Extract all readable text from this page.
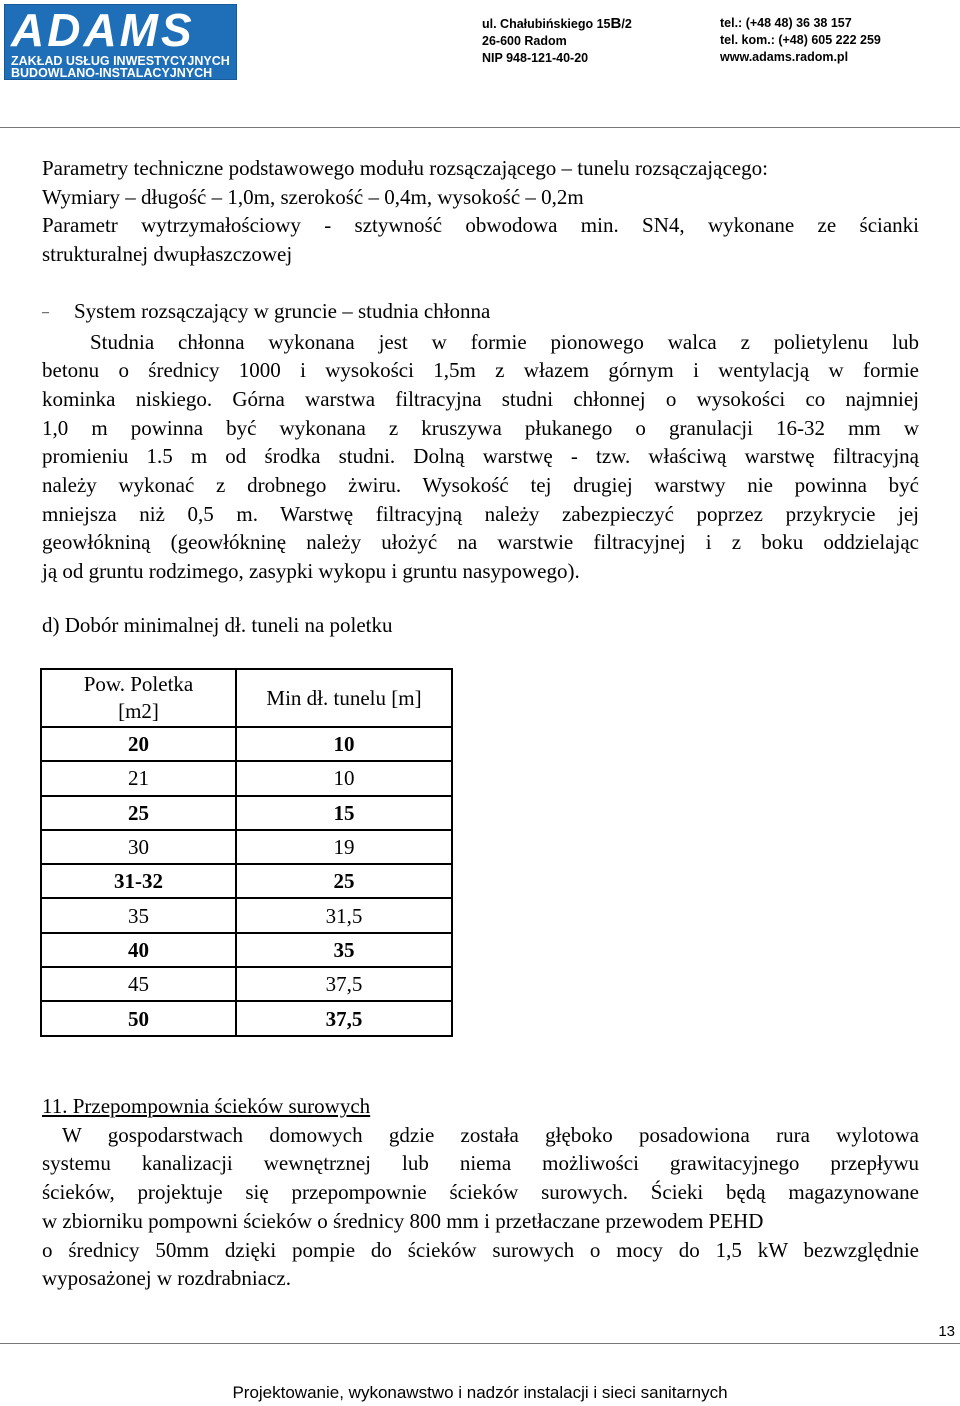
ADAMS
ZAKŁAD USŁUG INWESTYCYJNYCH
BUDOWLANO-INSTALACYJNYCH
ul. Chałubińskiego 15B/2
26-600 Radom
NIP 948-121-40-20
tel.: (+48 48) 36 38 157
tel. kom.: (+48) 605 222 259
www.adams.radom.pl
Parametry techniczne podstawowego modułu rozsączającego – tunelu rozsączającego:
Wymiary – długość – 1,0m, szerokość – 0,4m, wysokość – 0,2m
Parametr wytrzymałościowy - sztywność obwodowa min. SN4, wykonane ze ścianki
strukturalnej dwupłaszczowej
– System rozsączający w gruncie – studnia chłonna
Studnia chłonna wykonana jest w formie pionowego walca z polietylenu lub
betonu o średnicy 1000 i wysokości 1,5m z włazem górnym i wentylacją w formie
kominka niskiego. Górna warstwa filtracyjna studni chłonnej o wysokości co najmniej
1,0 m powinna być wykonana z kruszywa płukanego o granulacji 16-32 mm w
promieniu 1.5 m od środka studni. Dolną warstwę - tzw. właściwą warstwę filtracyjną
należy wykonać z drobnego żwiru. Wysokość tej drugiej warstwy nie powinna być
mniejsza niż 0,5 m. Warstwę filtracyjną należy zabezpieczyć poprzez przykrycie jej
geowłókniną (geowłókninę należy ułożyć na warstwie filtracyjnej i z boku oddzielając
ją od gruntu rodzimego, zasypki wykopu i gruntu nasypowego).
d) Dobór minimalnej dł. tuneli na poletku
Pow. Poletka
[m2]	Min dł. tunelu [m]
20	10
21	10
25	15
30	19
31-32	25
35	31,5
40	35
45	37,5
50	37,5
11. Przepompownia ścieków surowych
W gospodarstwach domowych gdzie została głęboko posadowiona rura wylotowa
systemu kanalizacji wewnętrznej lub niema możliwości grawitacyjnego przepływu
ścieków, projektuje się przepompownie ścieków surowych. Ścieki będą magazynowane
w zbiorniku pompowni ścieków o średnicy 800 mm i przetłaczane przewodem PEHD
o średnicy 50mm dzięki pompie do ścieków surowych o mocy do 1,5 kW bezwzględnie
wyposażonej w rozdrabniacz.
13
Projektowanie, wykonawstwo i nadzór instalacji i sieci sanitarnych
